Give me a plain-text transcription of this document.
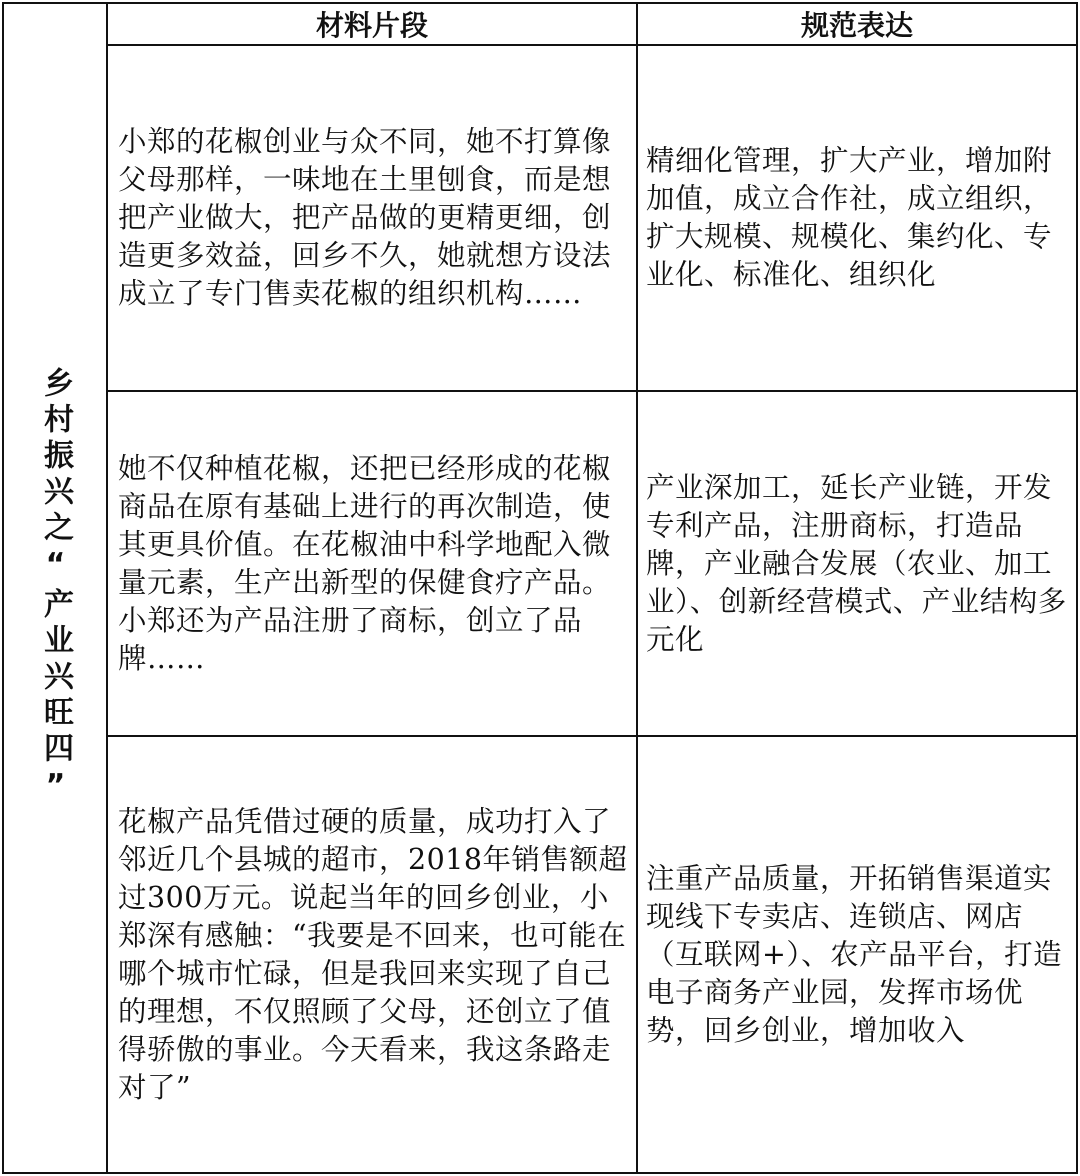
乡村振兴之“产业兴旺四”
材料片段	规范表达
小郑的花椒创业与众不同，她不打算像父母那样，一味地在土里刨食，而是想把产业做大，把产品做的更精更细，创造更多效益，回乡不久，她就想方设法成立了专门售卖花椒的组织机构……
精细化管理，扩大产业，增加附加值，成立合作社，成立组织，扩大规模、规模化、集约化、专业化、标准化、组织化
她不仅种植花椒，还把已经形成的花椒商品在原有基础上进行的再次制造，使其更具价值。在花椒油中科学地配入微量元素，生产出新型的保健食疗产品。小郑还为产品注册了商标，创立了品牌……
产业深加工，延长产业链，开发专利产品，注册商标，打造品牌，产业融合发展（农业、加工业）、创新经营模式、产业结构多元化
花椒产品凭借过硬的质量，成功打入了邻近几个县城的超市，2018年销售额超过300万元。说起当年的回乡创业，小郑深有感触：“我要是不回来，也可能在哪个城市忙碌，但是我回来实现了自己的理想，不仅照顾了父母，还创立了值得骄傲的事业。今天看来，我这条路走对了”
注重产品质量，开拓销售渠道实现线下专卖店、连锁店、网店（互联网+）、农产品平台，打造电子商务产业园，发挥市场优势，回乡创业，增加收入
